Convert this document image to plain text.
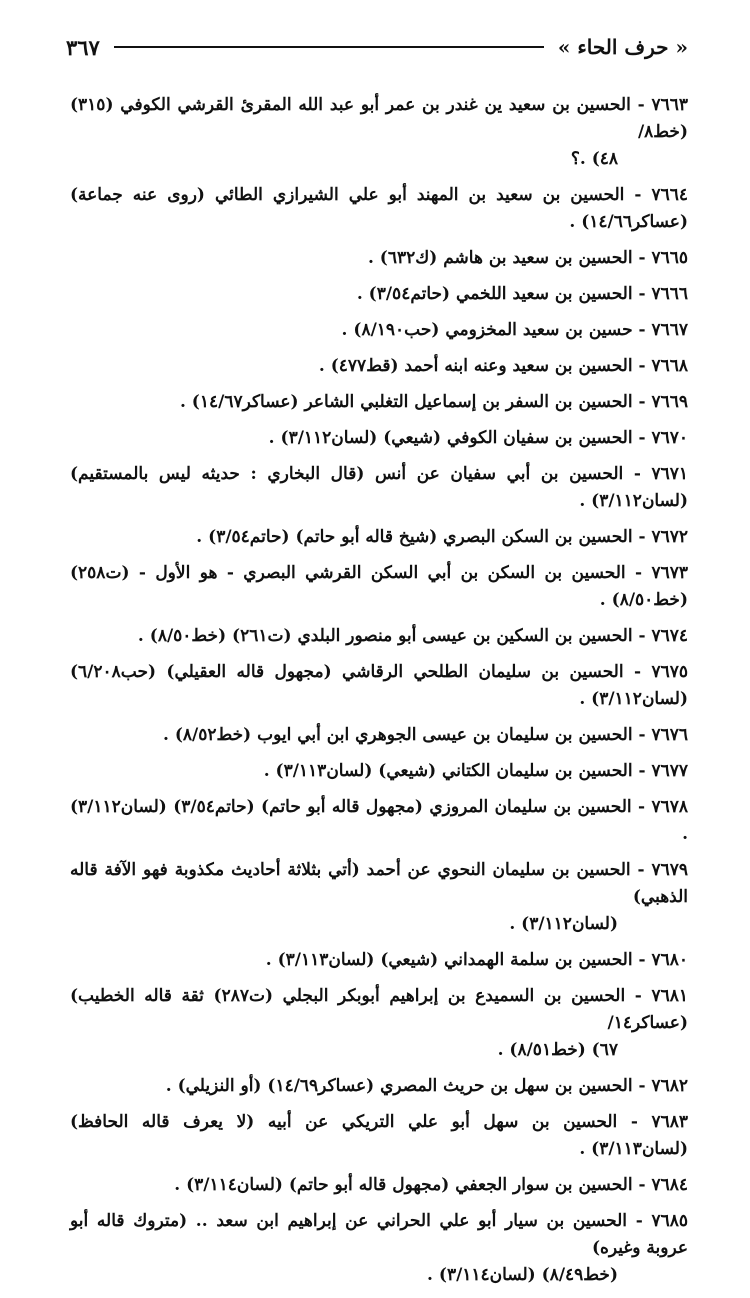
« حرف الحاء »
٣٦٧
٧٦٦٣ - الحسين بن سعيد ين غندر بن عمر أبو عبد الله المقرئ القرشي الكوفي (٣١٥) (خط٨/
٤٨) .؟
٧٦٦٤ - الحسين بن سعيد بن المهند أبو علي الشيرازي الطائي (روى عنه جماعة) (عساكر١٤/٦٦) .
٧٦٦٥ - الحسين بن سعيد بن هاشم (ك٦٣٢) .
٧٦٦٦ - الحسين بن سعيد اللخمي (حاتم٣/٥٤) .
٧٦٦٧ - حسين بن سعيد المخزومي (حب٨/١٩٠) .
٧٦٦٨ - الحسين بن سعيد وعنه ابنه أحمد (قط٤٧٧) .
٧٦٦٩ - الحسين بن السفر بن إسماعيل التغلبي الشاعر (عساكر١٤/٦٧) .
٧٦٧٠ - الحسين بن سفيان الكوفي (شيعي) (لسان٣/١١٢) .
٧٦٧١ - الحسين بن أبي سفيان عن أنس (قال البخاري : حديثه ليس بالمستقيم) (لسان٣/١١٢) .
٧٦٧٢ - الحسين بن السكن البصري (شيخ قاله أبو حاتم) (حاتم٣/٥٤) .
٧٦٧٣ - الحسين بن السكن بن أبي السكن القرشي البصري - هو الأول - (ت٢٥٨) (خط٨/٥٠) .
٧٦٧٤ - الحسين بن السكين بن عيسى أبو منصور البلدي (ت٢٦١) (خط٨/٥٠) .
٧٦٧٥ - الحسين بن سليمان الطلحي الرقاشي (مجهول قاله العقيلي) (حب٦/٢٠٨) (لسان٣/١١٢) .
٧٦٧٦ - الحسين بن سليمان بن عيسى الجوهري ابن أبي ايوب (خط٨/٥٢) .
٧٦٧٧ - الحسين بن سليمان الكتاني (شيعي) (لسان٣/١١٣) .
٧٦٧٨ - الحسين بن سليمان المروزي (مجهول قاله أبو حاتم) (حاتم٣/٥٤) (لسان٣/١١٢) .
٧٦٧٩ - الحسين بن سليمان النحوي عن أحمد (أتي بثلاثة أحاديث مكذوبة فهو الآفة قاله الذهبي)
(لسان٣/١١٢) .
٧٦٨٠ - الحسين بن سلمة الهمداني (شيعي) (لسان٣/١١٣) .
٧٦٨١ - الحسين بن السميدع بن إبراهيم أبوبكر البجلي (ت٢٨٧) ثقة قاله الخطيب) (عساكر١٤/
٦٧) (خط٨/٥١) .
٧٦٨٢ - الحسين بن سهل بن حريث المصري (عساكر١٤/٦٩) (أو النزيلي) .
٧٦٨٣ - الحسين بن سهل أبو علي التريكي عن أبيه (لا يعرف قاله الحافظ) (لسان٣/١١٣) .
٧٦٨٤ - الحسين بن سوار الجعفي (مجهول قاله أبو حاتم) (لسان٣/١١٤) .
٧٦٨٥ - الحسين بن سيار أبو علي الحراني عن إبراهيم ابن سعد .. (متروك قاله أبو عروبة وغيره)
(خط٨/٤٩) (لسان٣/١١٤) .
